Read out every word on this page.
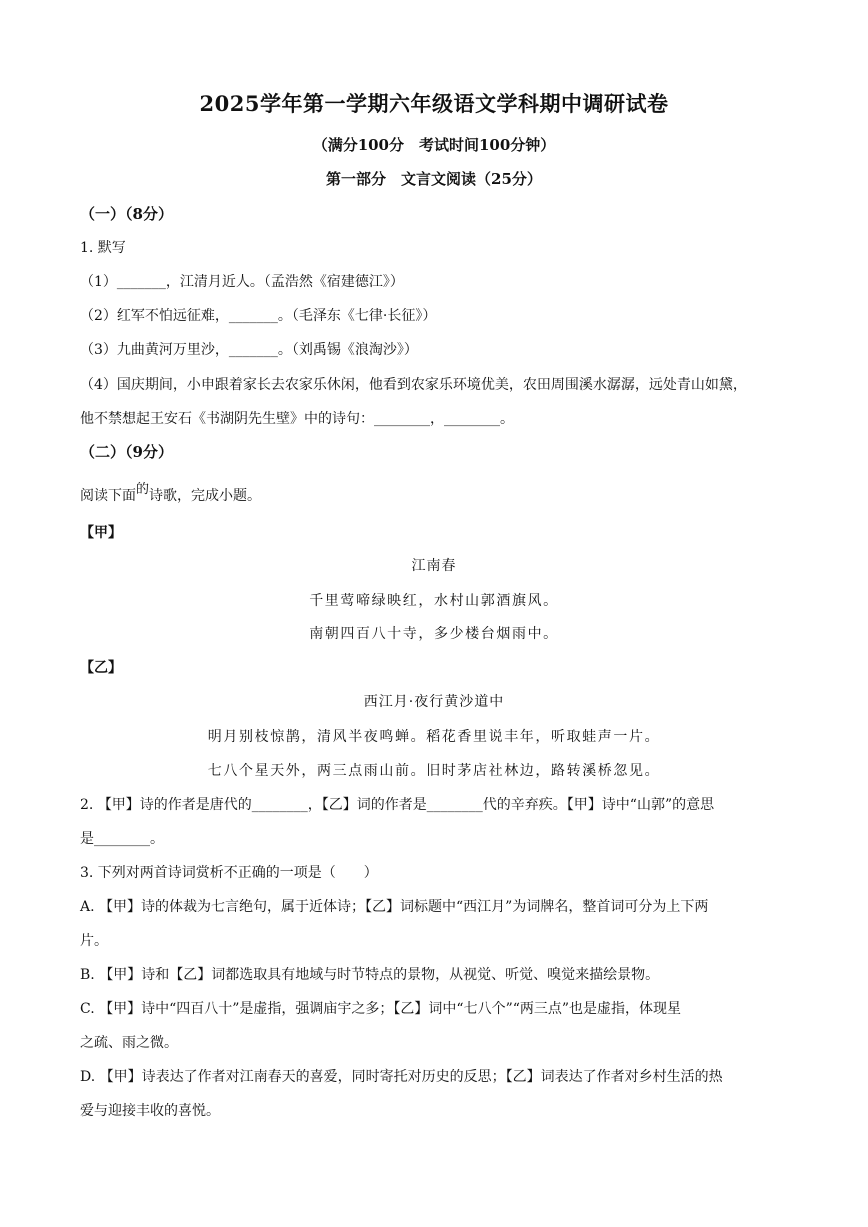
2025学年第一学期六年级语文学科期中调研试卷
（满分100分　考试时间100分钟）
第一部分　文言文阅读（25分）
（一）（8分）
1. 默写
（1）_______，江清月近人。（孟浩然《宿建德江》）
（2）红军不怕远征难，_______。（毛泽东《七律·长征》）
（3）九曲黄河万里沙，_______。（刘禹锡《浪淘沙》）
（4）国庆期间，小申跟着家长去农家乐休闲，他看到农家乐环境优美，农田周围溪水潺潺，远处青山如黛，
他不禁想起王安石《书湖阴先生壁》中的诗句：________，________。
（二）（9分）
阅读下面的诗歌，完成小题。
【甲】
江南春
千里莺啼绿映红，水村山郭酒旗风。
南朝四百八十寺，多少楼台烟雨中。
【乙】
西江月·夜行黄沙道中
明月别枝惊鹊，清风半夜鸣蝉。稻花香里说丰年，听取蛙声一片。
七八个星天外，两三点雨山前。旧时茅店社林边，路转溪桥忽见。
2. 【甲】诗的作者是唐代的________，【乙】词的作者是________代的辛弃疾。【甲】诗中“山郭”的意思
是________。
3. 下列对两首诗词赏析不正确的一项是（　　）
A. 【甲】诗的体裁为七言绝句，属于近体诗；【乙】词标题中“西江月”为词牌名，整首词可分为上下两
片。
B. 【甲】诗和【乙】词都选取具有地域与时节特点的景物，从视觉、听觉、嗅觉来描绘景物。
C. 【甲】诗中“四百八十”是虚指，强调庙宇之多；【乙】词中“七八个”“两三点”也是虚指，体现星
之疏、雨之微。
D. 【甲】诗表达了作者对江南春天的喜爱，同时寄托对历史的反思；【乙】词表达了作者对乡村生活的热
爱与迎接丰收的喜悦。
